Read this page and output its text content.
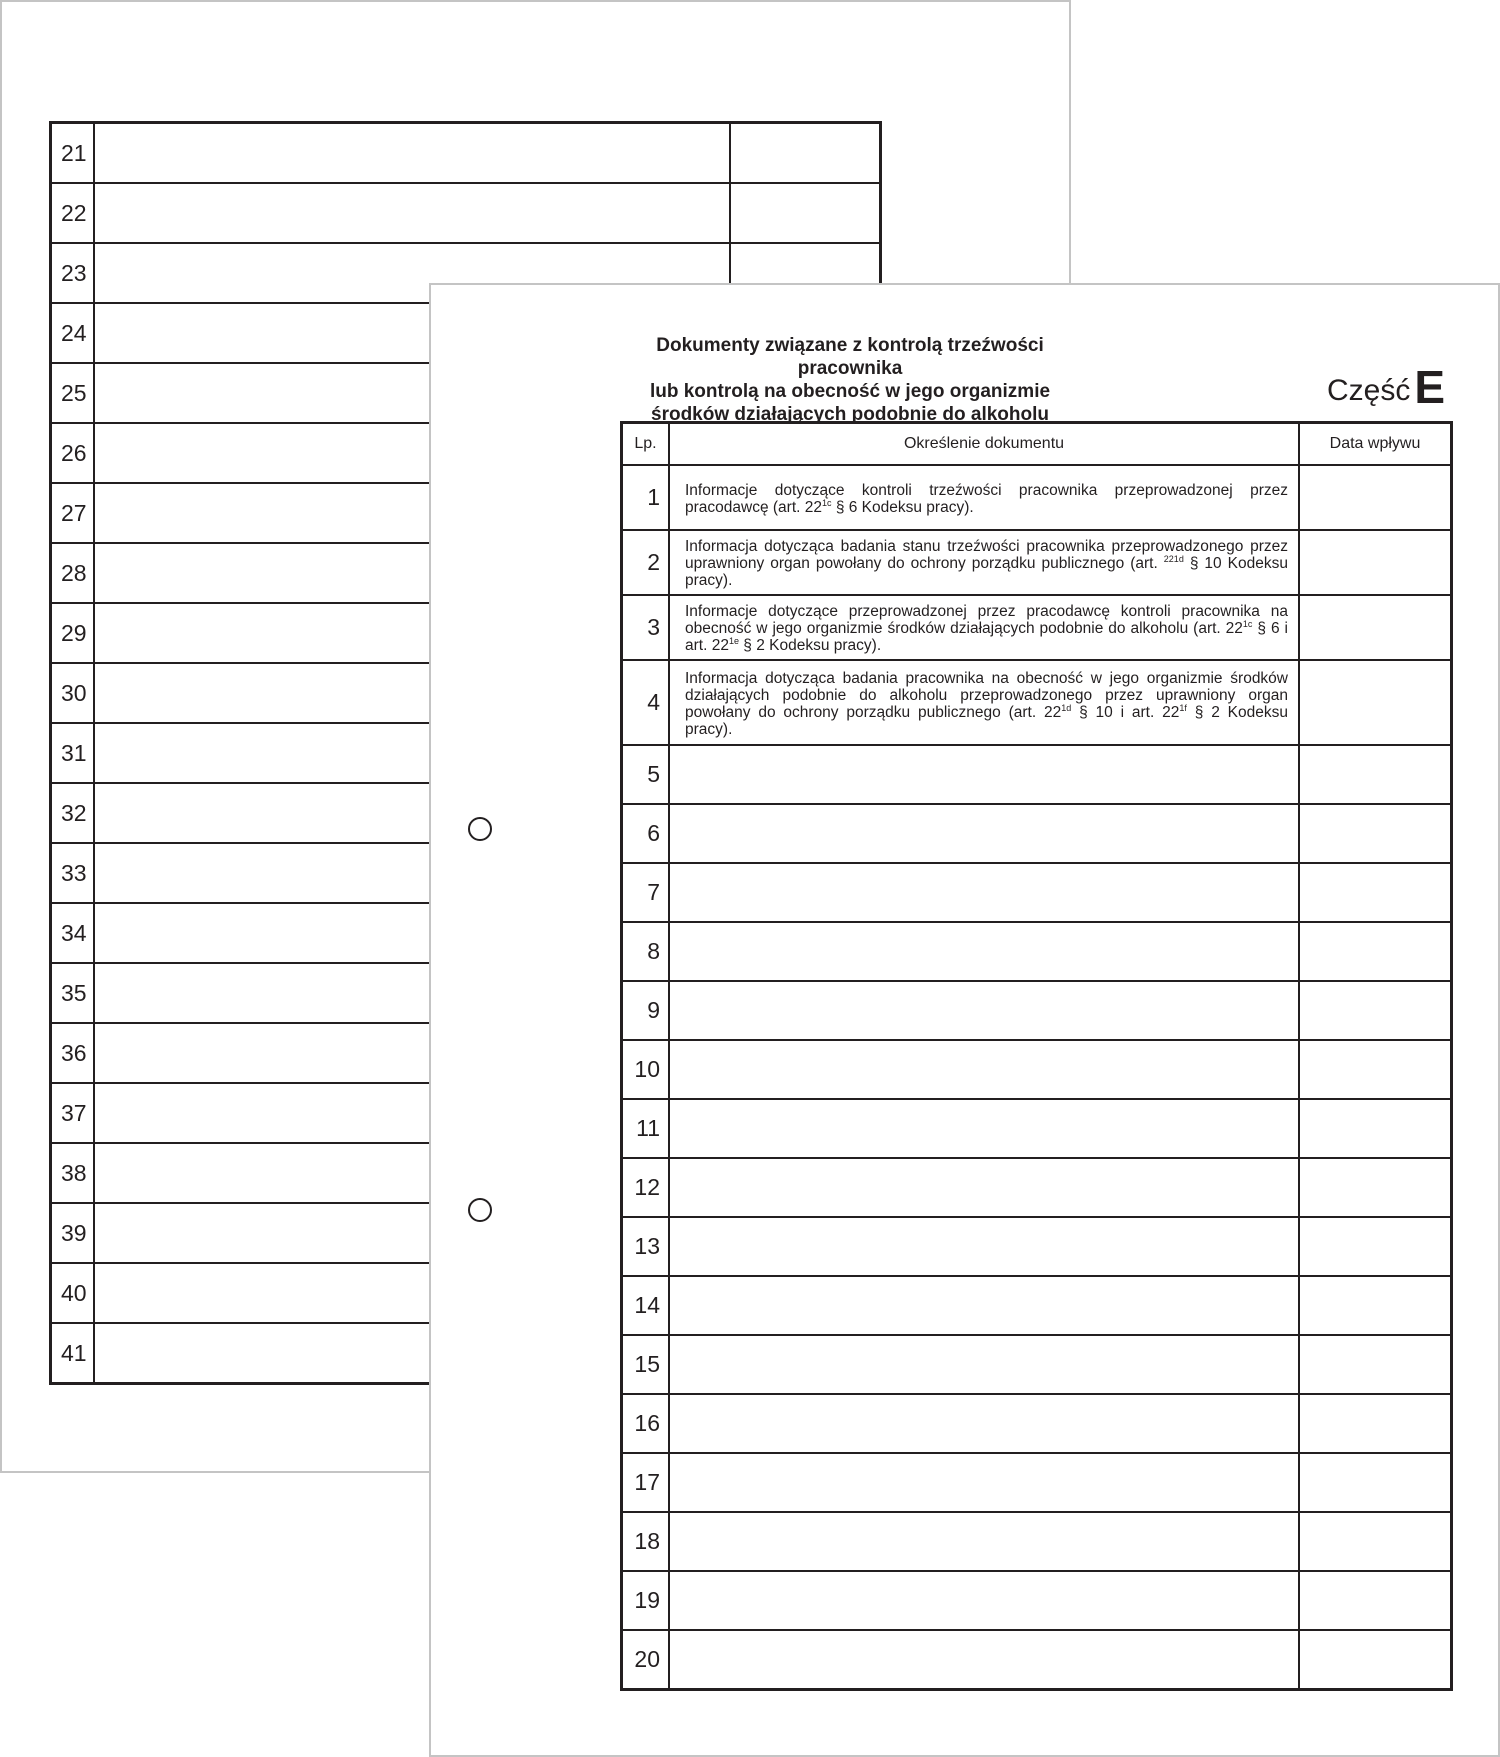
21		
22		
23		
24		
25		
26		
27		
28		
29		
30		
31		
32		
33		
34		
35		
36		
37		
38		
39		
40		
41		
Dokumenty związane z kontrolą trzeźwości pracownika
lub kontrolą na obecność w jego organizmie
środków działających podobnie do alkoholu
CzęśćE
Lp.	Określenie dokumentu	Data wpływu
1	Informacje dotyczące kontroli trzeźwości pracownika przeprowadzonej przez pracodawcę (art. $22^{1c}$ § 6 Kodeksu pracy).	
2	Informacja dotycząca badania stanu trzeźwości pracownika przeprowadzonego przez uprawniony organ powołany do ochrony porządku publicznego (art. $^{221d}$ § 10 Kodeksu pracy).	
3	Informacje dotyczące przeprowadzonej przez pracodawcę kontroli pracownika na obecność w jego organizmie środków działających podobnie do alkoholu (art. $22^{1c}$ § 6 i art. $22^{1e}$ § 2 Kodeksu pracy).	
4	Informacja dotycząca badania pracownika na obecność w jego organizmie środków działających podobnie do alkoholu przeprowadzonego przez uprawniony organ powołany do ochrony porządku publicznego (art. $22^{1d}$ § 10 i art. $22^{1f}$ § 2 Kodeksu pracy).	
5		
6		
7		
8		
9		
10		
11		
12		
13		
14		
15		
16		
17		
18		
19		
20		
